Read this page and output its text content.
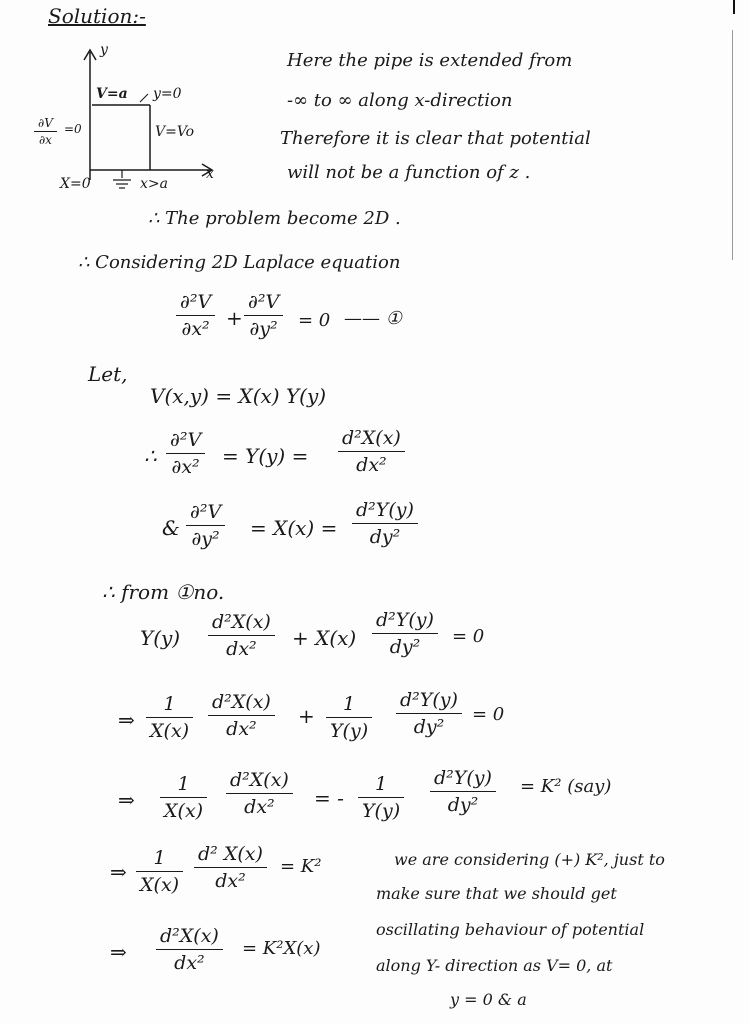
Solution:-
y
x
V=a y=0
∂V
∂x
=0	V=Vo
X=0	x>a
Here the pipe is extended from
-∞ to ∞ along x-direction
Therefore it is clear that potential
will not be a function of z .
∴ The problem become 2D .
∴ Considering 2D Laplace equation
∂²V
∂x² +
∂²V
∂y² = 0 —— ①
Let,
V(x,y) = X(x) Y(y)
∴
∂²V
∂x² = Y(y) =
d²X(x)
dx²
&
∂²V
∂y² = X(x) =
d²Y(y)
dy²
∴ from ①no.
Y(y)
d²X(x)
dx² + X(x)
d²Y(y)
dy² = 0
⇒
1
X(x)
d²X(x)
dx²
+ 1
Y(y)
d²Y(y)
dy²
= 0
⇒
1
X(x)
d²X(x)
dx² = -
1
Y(y)
d²Y(y)
dy²
= K² (say)
⇒
1
X(x)
d² X(x)
dx²
= K²
⇒
d²X(x)
dx²
= K²X(x)
we are considering (+) K², just to
make sure that we should get
oscillating behaviour of potential
along Y- direction as V= 0, at
y = 0 & a
